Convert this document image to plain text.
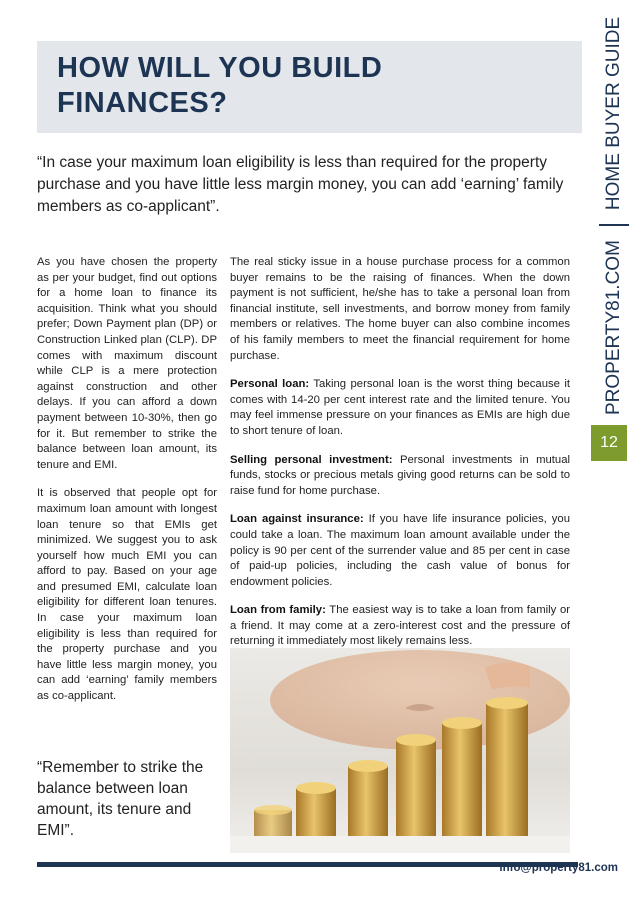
HOW WILL YOU BUILD
FINANCES?
PROPERTY81.COM
HOME BUYER GUIDE
12

“In case your maximum loan eligibility is less than required for the property purchase and you have little less margin money, you can add ‘earning’ family members as co-applicant”.

As you have chosen the property as per your budget, find out options for a home loan to finance its acquisition. Think what you should prefer; Down Payment plan (DP) or Construction Linked plan (CLP). DP comes with maximum discount while CLP is a mere protection against construction and other delays. If you can afford a down payment between 10-30%, then go for it. But remember to strike the balance between loan amount, its tenure and EMI.

It is observed that people opt for maximum loan amount with longest loan tenure so that EMIs get minimized. We suggest you to ask yourself how much EMI you can afford to pay. Based on your age and presumed EMI, calculate loan eligibility for different loan tenures. In case your maximum loan eligibility is less than required for the property purchase and you have little less margin money, you can add ‘earning’ family members as co-applicant.

“Remember to strike the balance between loan amount, its tenure and EMI”.

The real sticky issue in a house purchase process for a common buyer remains to be the raising of finances. When the down payment is not sufficient, he/she has to take a personal loan from financial institute, sell investments, and borrow money from family members or relatives. The home buyer can also combine incomes of his family members to meet the financial requirement for home purchase.

Personal loan: Taking personal loan is the worst thing because it comes with 14-20 per cent interest rate and the limited tenure. You may feel immense pressure on your finances as EMIs are high due to short tenure of loan.

Selling personal investment: Personal investments in mutual funds, stocks or precious metals giving good returns can be sold to raise fund for home purchase.

Loan against insurance: If you have life insurance policies, you could take a loan. The maximum loan amount available under the policy is 90 per cent of the surrender value and 85 per cent in case of paid-up policies, including the cash value of bonus for endowment policies.

Loan from family: The easiest way is to take a loan from family or a friend. It may come at a zero-interest cost and the pressure of returning it immediately most likely remains less.

info@property81.com
